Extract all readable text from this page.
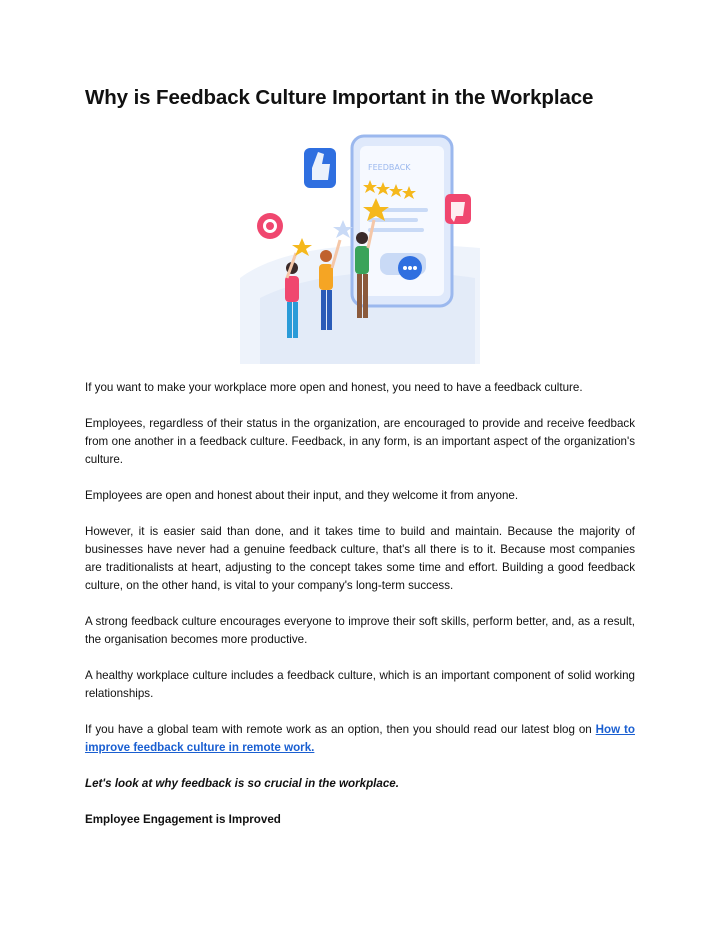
Why is Feedback Culture Important in the Workplace
FEEDBACK

If you want to make your workplace more open and honest, you need to have a feedback culture.

Employees, regardless of their status in the organization, are encouraged to provide and receive feedback from one another in a feedback culture. Feedback, in any form, is an important aspect of the organization's culture.

Employees are open and honest about their input, and they welcome it from anyone.

However, it is easier said than done, and it takes time to build and maintain. Because the majority of businesses have never had a genuine feedback culture, that's all there is to it. Because most companies are traditionalists at heart, adjusting to the concept takes some time and effort. Building a good feedback culture, on the other hand, is vital to your company's long-term success.

A strong feedback culture encourages everyone to improve their soft skills, perform better, and, as a result, the organisation becomes more productive.

A healthy workplace culture includes a feedback culture, which is an important component of solid working relationships.

If you have a global team with remote work as an option, then you should read our latest blog on How to improve feedback culture in remote work.

Let's look at why feedback is so crucial in the workplace.

Employee Engagement is Improved
